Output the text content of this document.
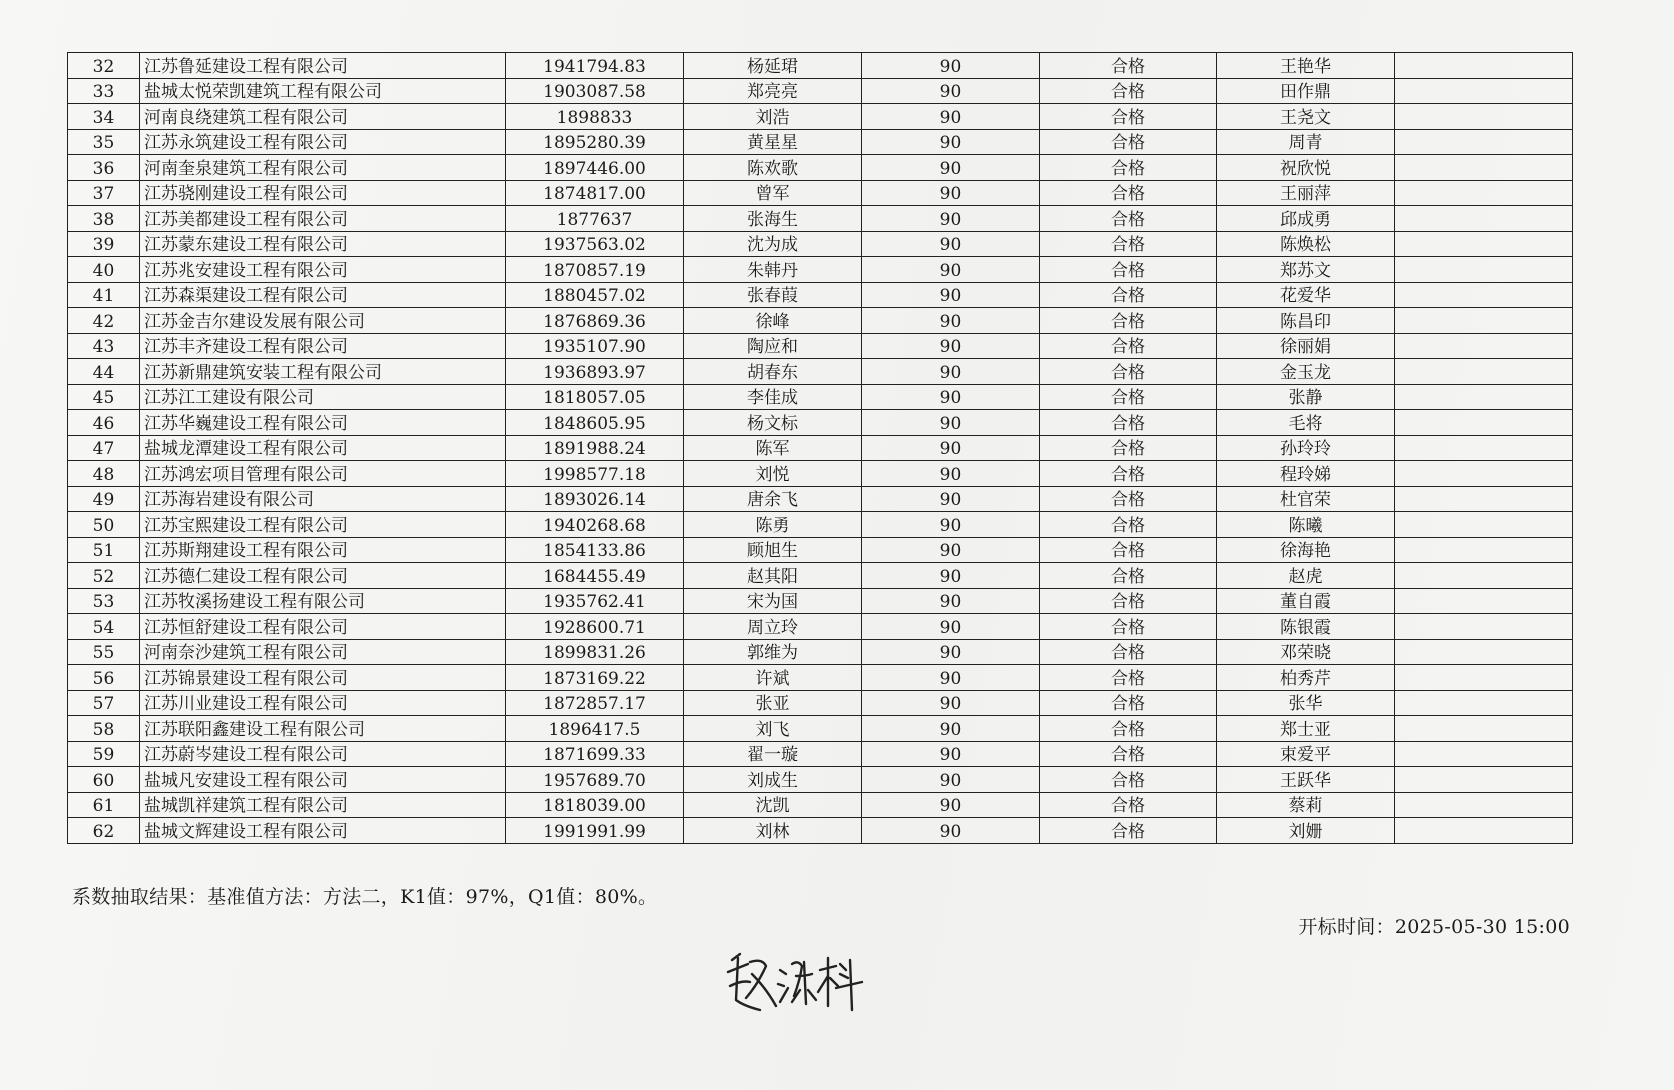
32	江苏鲁延建设工程有限公司	1941794.83	杨延珺	90	合格	王艳华	
33	盐城太悦荣凯建筑工程有限公司	1903087.58	郑亮亮	90	合格	田作鼎	
34	河南良绕建筑工程有限公司	1898833	刘浩	90	合格	王尧文	
35	江苏永筑建设工程有限公司	1895280.39	黄星星	90	合格	周青	
36	河南奎泉建筑工程有限公司	1897446.00	陈欢歌	90	合格	祝欣悦	
37	江苏骁刚建设工程有限公司	1874817.00	曾军	90	合格	王丽萍	
38	江苏美都建设工程有限公司	1877637	张海生	90	合格	邱成勇	
39	江苏蒙东建设工程有限公司	1937563.02	沈为成	90	合格	陈焕松	
40	江苏兆安建设工程有限公司	1870857.19	朱韩丹	90	合格	郑苏文	
41	江苏森渠建设工程有限公司	1880457.02	张春葭	90	合格	花爱华	
42	江苏金吉尔建设发展有限公司	1876869.36	徐峰	90	合格	陈昌印	
43	江苏丰齐建设工程有限公司	1935107.90	陶应和	90	合格	徐丽娟	
44	江苏新鼎建筑安装工程有限公司	1936893.97	胡春东	90	合格	金玉龙	
45	江苏江工建设有限公司	1818057.05	李佳成	90	合格	张静	
46	江苏华巍建设工程有限公司	1848605.95	杨文标	90	合格	毛将	
47	盐城龙潭建设工程有限公司	1891988.24	陈军	90	合格	孙玲玲	
48	江苏鸿宏项目管理有限公司	1998577.18	刘悦	90	合格	程玲娣	
49	江苏海岩建设有限公司	1893026.14	唐余飞	90	合格	杜官荣	
50	江苏宝熙建设工程有限公司	1940268.68	陈勇	90	合格	陈曦	
51	江苏斯翔建设工程有限公司	1854133.86	顾旭生	90	合格	徐海艳	
52	江苏德仁建设工程有限公司	1684455.49	赵其阳	90	合格	赵虎	
53	江苏牧溪扬建设工程有限公司	1935762.41	宋为国	90	合格	董自霞	
54	江苏恒舒建设工程有限公司	1928600.71	周立玲	90	合格	陈银霞	
55	河南奈沙建筑工程有限公司	1899831.26	郭维为	90	合格	邓荣晓	
56	江苏锦景建设工程有限公司	1873169.22	许斌	90	合格	柏秀芹	
57	江苏川业建设工程有限公司	1872857.17	张亚	90	合格	张华	
58	江苏联阳鑫建设工程有限公司	1896417.5	刘飞	90	合格	郑士亚	
59	江苏蔚岑建设工程有限公司	1871699.33	翟一璇	90	合格	束爱平	
60	盐城凡安建设工程有限公司	1957689.70	刘成生	90	合格	王跃华	
61	盐城凯祥建筑工程有限公司	1818039.00	沈凯	90	合格	蔡莉	
62	盐城文辉建设工程有限公司	1991991.99	刘林	90	合格	刘姗	
系数抽取结果：基准值方法：方法二，K1值：97%，Q1值：80%。
开标时间：2025-05-30 15:00
